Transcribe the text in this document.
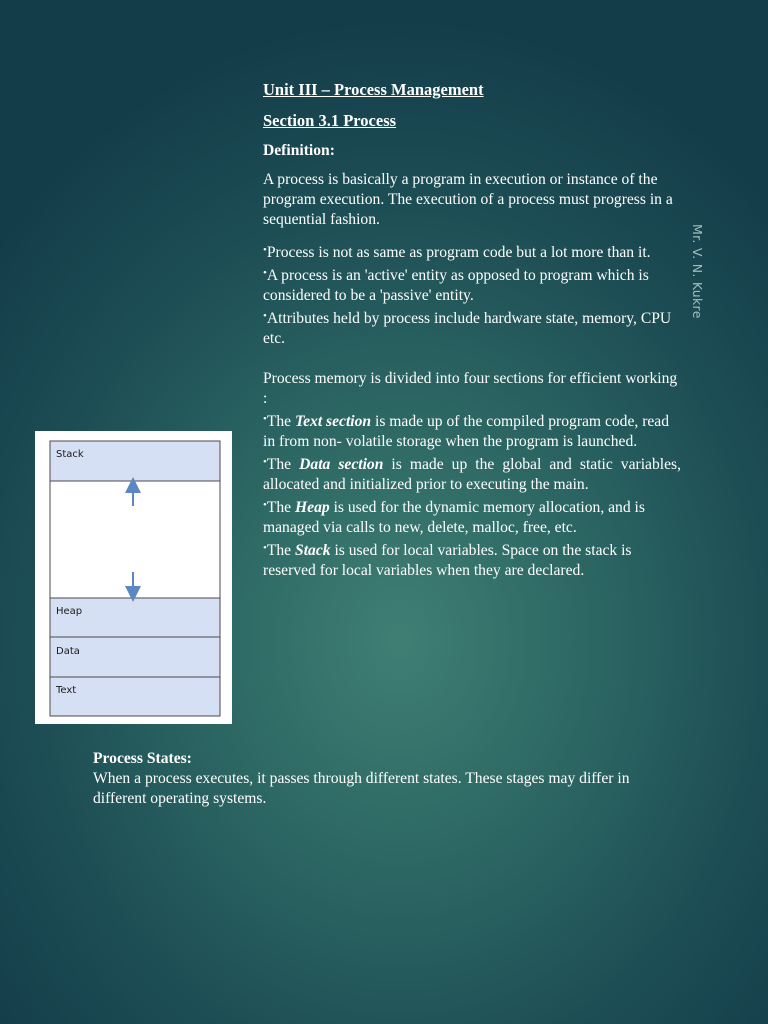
Unit III – Process Management
Section 3.1 Process
Definition:
A process is basically a program in execution or instance of the program execution. The execution of a process must progress in a sequential fashion.
•Process is not as same as program code but a lot more than it.
•A process is an 'active' entity as opposed to program which is considered to be a 'passive' entity.
•Attributes held by process include hardware state, memory, CPU etc.
Process memory is divided into four sections for efficient working :
•The Text section is made up of the compiled program code, read in from non- volatile storage when the program is launched.
•The Data section is made up the global and static variables, allocated and initialized prior to executing the main.
•The Heap is used for the dynamic memory allocation, and is managed via calls to new, delete, malloc, free, etc.
•The Stack is used for local variables. Space on the stack is reserved for local variables when they are declared.
Mr. V. N. Kukre
Stack
Heap
Data
Text
Process States:
When a process executes, it passes through different states. These stages may differ in different operating systems.
